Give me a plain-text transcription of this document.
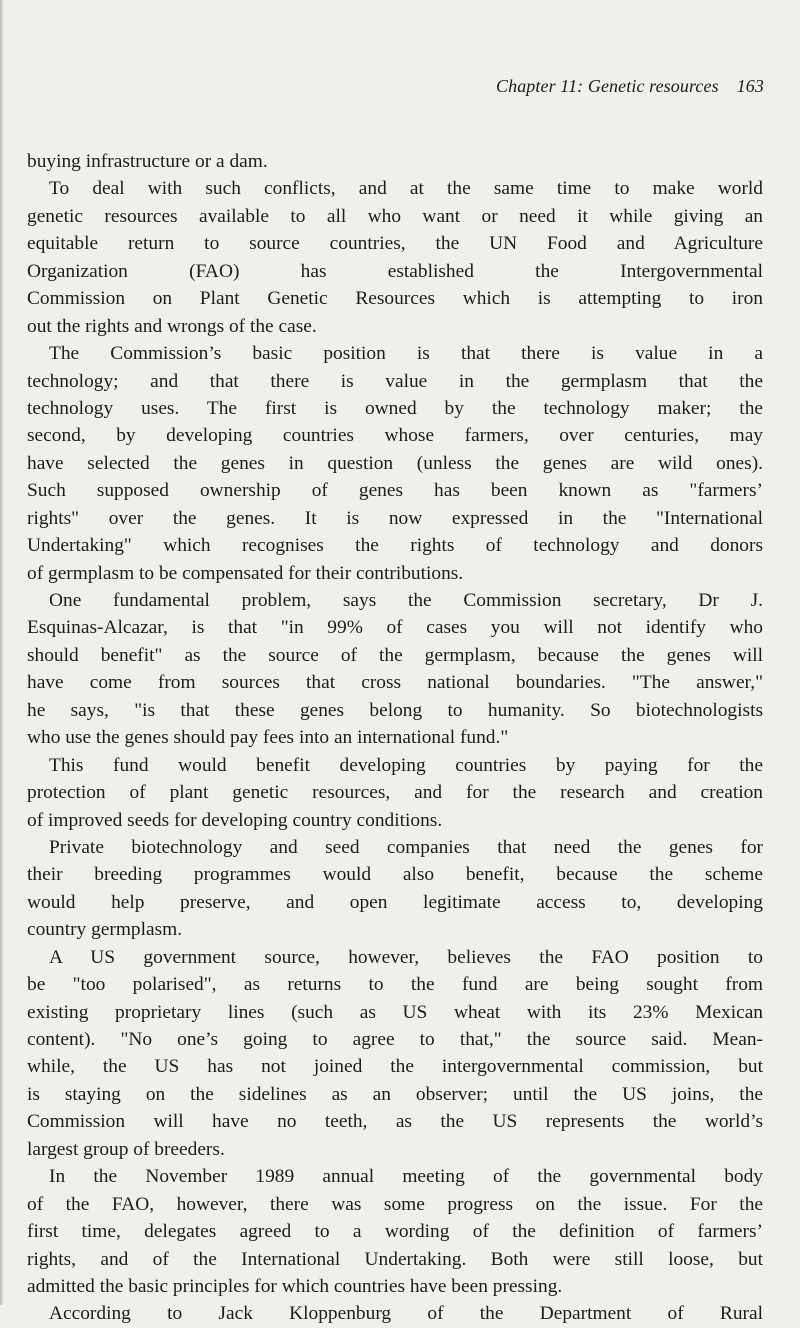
Chapter 11: Genetic resources 163
buying infrastructure or a dam.
To deal with such conflicts, and at the same time to make world
genetic resources available to all who want or need it while giving an
equitable return to source countries, the UN Food and Agriculture
Organization (FAO) has established the Intergovernmental
Commission on Plant Genetic Resources which is attempting to iron
out the rights and wrongs of the case.
The Commission’s basic position is that there is value in a
technology; and that there is value in the germplasm that the
technology uses. The first is owned by the technology maker; the
second, by developing countries whose farmers, over centuries, may
have selected the genes in question (unless the genes are wild ones).
Such supposed ownership of genes has been known as "farmers’
rights" over the genes. It is now expressed in the "International
Undertaking" which recognises the rights of technology and donors
of germplasm to be compensated for their contributions.
One fundamental problem, says the Commission secretary, Dr J.
Esquinas-Alcazar, is that "in 99% of cases you will not identify who
should benefit" as the source of the germplasm, because the genes will
have come from sources that cross national boundaries. "The answer,"
he says, "is that these genes belong to humanity. So biotechnologists
who use the genes should pay fees into an international fund."
This fund would benefit developing countries by paying for the
protection of plant genetic resources, and for the research and creation
of improved seeds for developing country conditions.
Private biotechnology and seed companies that need the genes for
their breeding programmes would also benefit, because the scheme
would help preserve, and open legitimate access to, developing
country germplasm.
A US government source, however, believes the FAO position to
be "too polarised", as returns to the fund are being sought from
existing proprietary lines (such as US wheat with its 23% Mexican
content). "No one’s going to agree to that," the source said. Mean-
while, the US has not joined the intergovernmental commission, but
is staying on the sidelines as an observer; until the US joins, the
Commission will have no teeth, as the US represents the world’s
largest group of breeders.
In the November 1989 annual meeting of the governmental body
of the FAO, however, there was some progress on the issue. For the
first time, delegates agreed to a wording of the definition of farmers’
rights, and of the International Undertaking. Both were still loose, but
admitted the basic principles for which countries have been pressing.
According to Jack Kloppenburg of the Department of Rural
